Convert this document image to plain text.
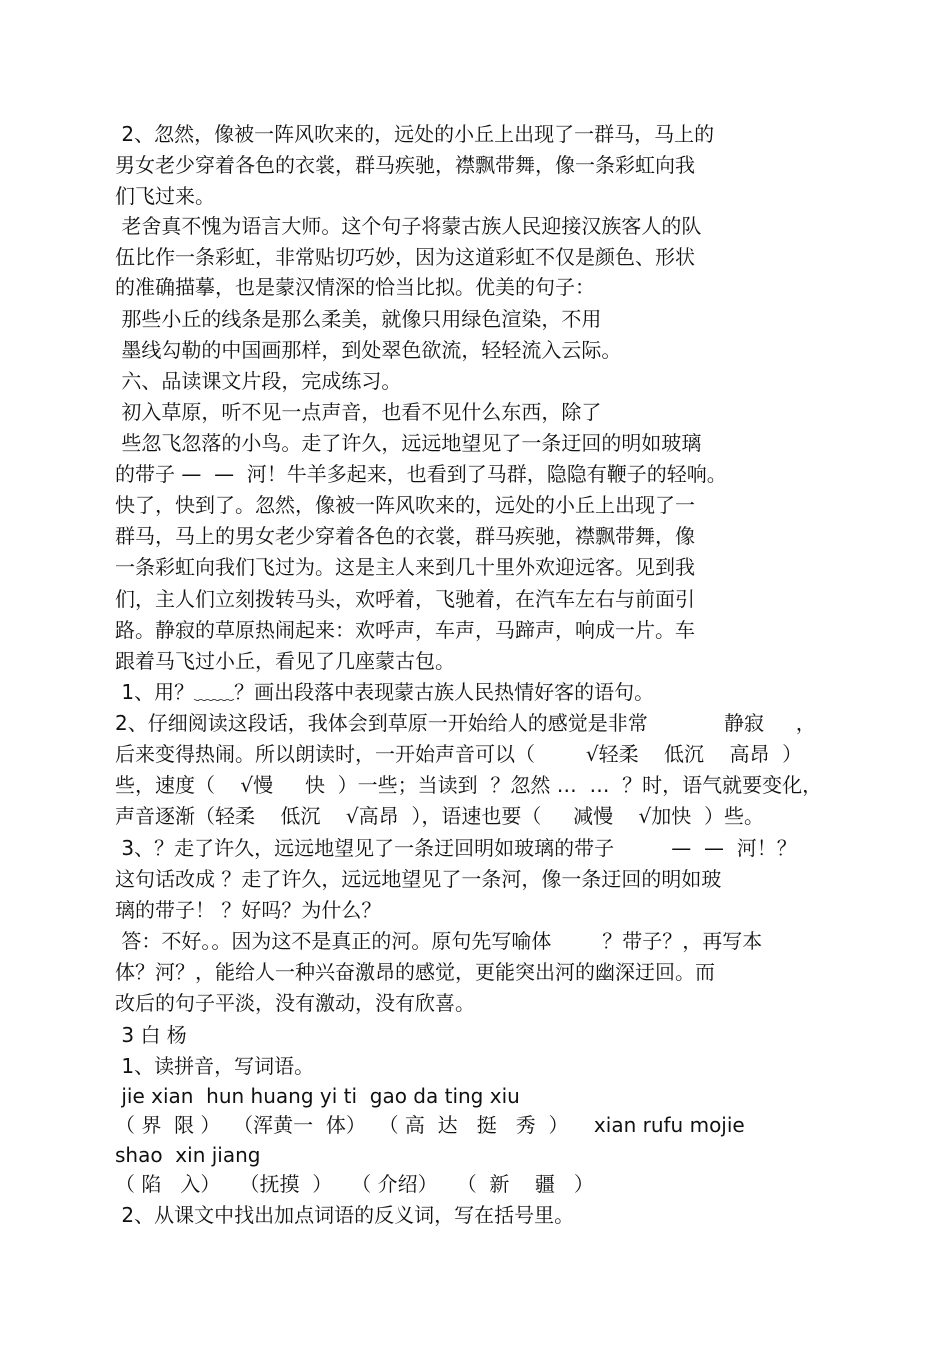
2、忽然，像被一阵风吹来的，远处的小丘上出现了一群马，马上的
男女老少穿着各色的衣裳，群马疾驰，襟飘带舞，像一条彩虹向我
们飞过来。
老舍真不愧为语言大师。这个句子将蒙古族人民迎接汉族客人的队
伍比作一条彩虹，非常贴切巧妙，因为这道彩虹不仅是颜色、形状
的准确描摹，也是蒙汉情深的恰当比拟。优美的句子：
那些小丘的线条是那么柔美，就像只用绿色渲染，不用
墨线勾勒的中国画那样，到处翠色欲流，轻轻流入云际。
六、品读课文片段，完成练习。
初入草原，听不见一点声音，也看不见什么东西，除了
些忽飞忽落的小鸟。走了许久，远远地望见了一条迂回的明如玻璃
的带子 —  —  河！牛羊多起来，也看到了马群，隐隐有鞭子的轻响。
快了，快到了。忽然，像被一阵风吹来的，远处的小丘上出现了一
群马，马上的男女老少穿着各色的衣裳，群马疾驰，襟飘带舞，像
一条彩虹向我们飞过为。这是主人来到几十里外欢迎远客。见到我
们，主人们立刻拨转马头，欢呼着，飞驰着，在汽车左右与前面引
路。静寂的草原热闹起来：欢呼声，车声，马蹄声，响成一片。车
跟着马飞过小丘，看见了几座蒙古包。
1、用？﹏﹏？画出段落中表现蒙古族人民热情好客的语句。
2、仔细阅读这段话，我体会到草原一开始给人的感觉是非常            静寂     ，
后来变得热闹。所以朗读时，一开始声音可以（        √轻柔    低沉    高昂  ）
些，速度（    √慢     快  ）一些；当读到  ？忽然 …  …  ？时，语气就要变化，
声音逐渐（轻柔    低沉    √高昂  ），语速也要（     减慢    √加快  ）些。
3、？走了许久，远远地望见了一条迂回明如玻璃的带子         —  —  河！？
这句话改成 ？走了许久，远远地望见了一条河，像一条迂回的明如玻
璃的带子！ ？好吗？为什么？
答：不好。。因为这不是真正的河。原句先写喻体        ？带子？，再写本
体？河？，能给人一种兴奋激昂的感觉，更能突出河的幽深迂回。而
改后的句子平淡，没有激动，没有欣喜。
3 白 杨
1、读拼音，写词语。
jie xian  hun huang yi ti  gao da ting xiu
（ 界  限 ）  （浑黄一  体）  （ 高  达   挺   秀  ）    xian rufu mojie
shao  xin jiang
（ 陷   入）   （抚摸  ）   （ 介绍）   （  新    疆   ）
2、从课文中找出加点词语的反义词，写在括号里。
